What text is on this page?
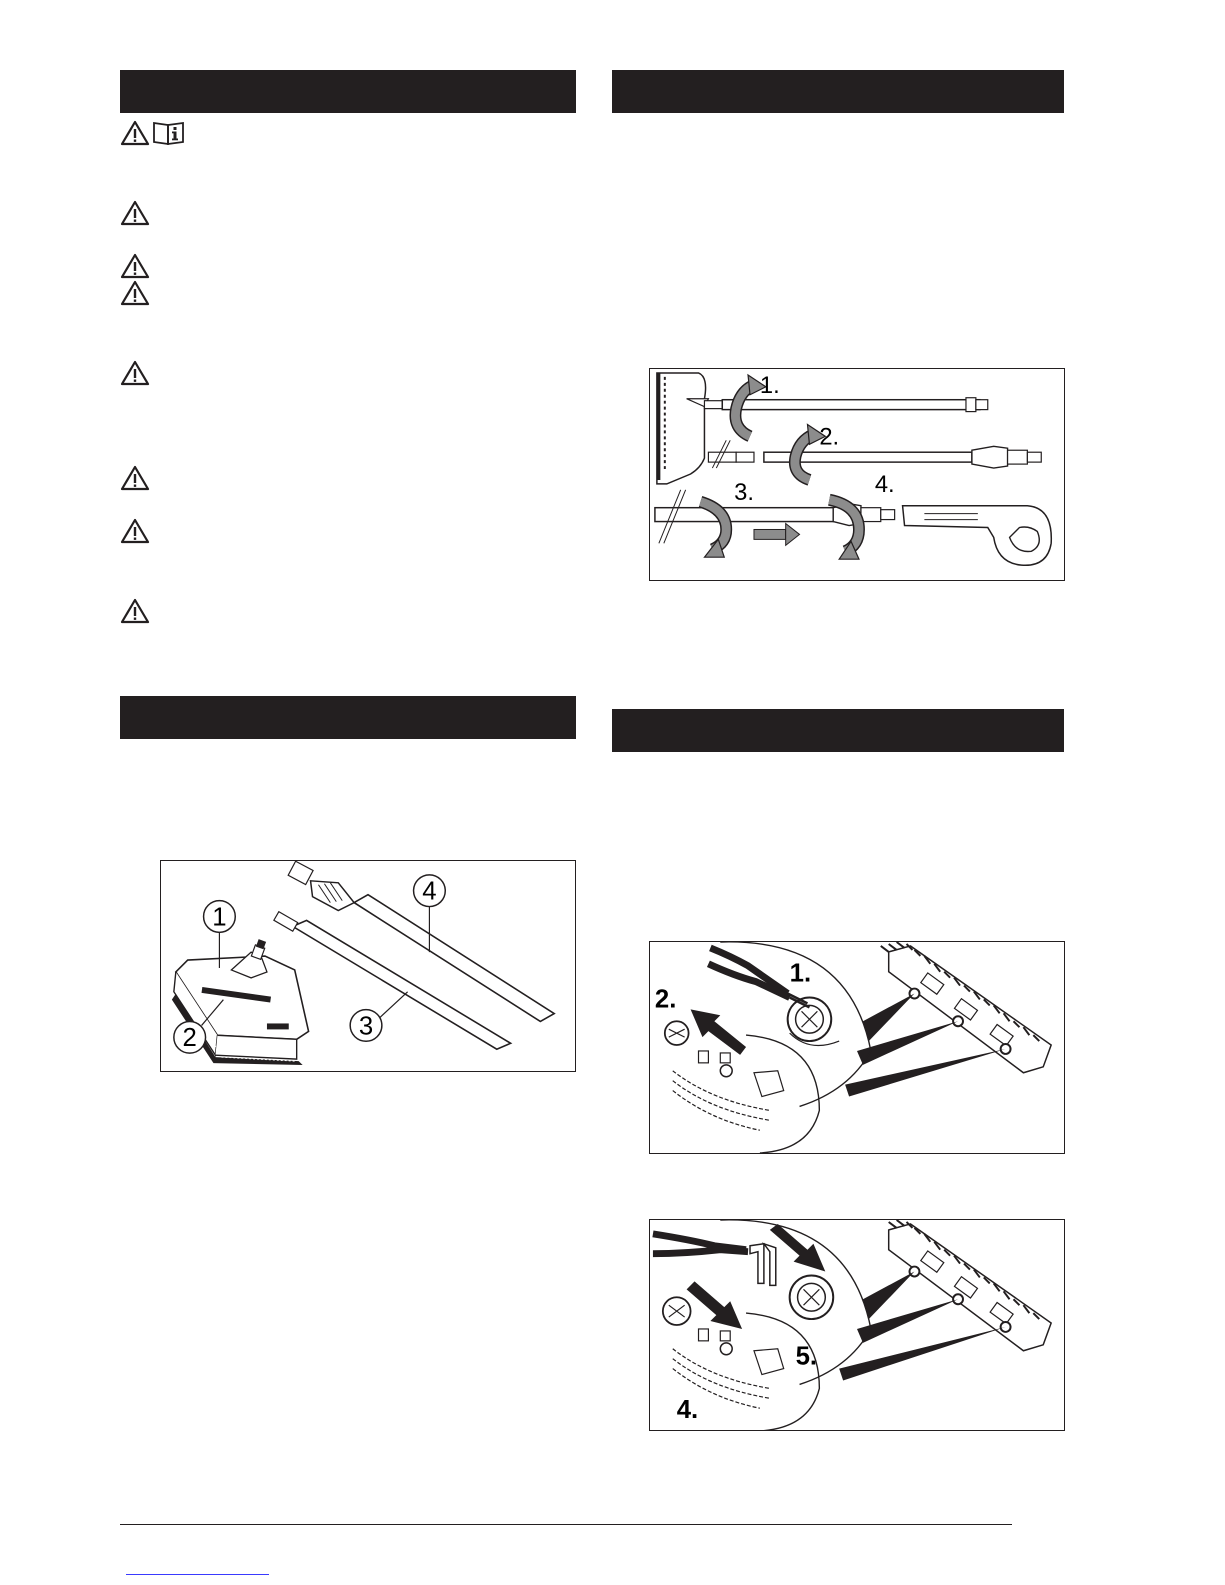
1.
2.
3.	4.
1
2	3
4
1.
2.
5.
4.
